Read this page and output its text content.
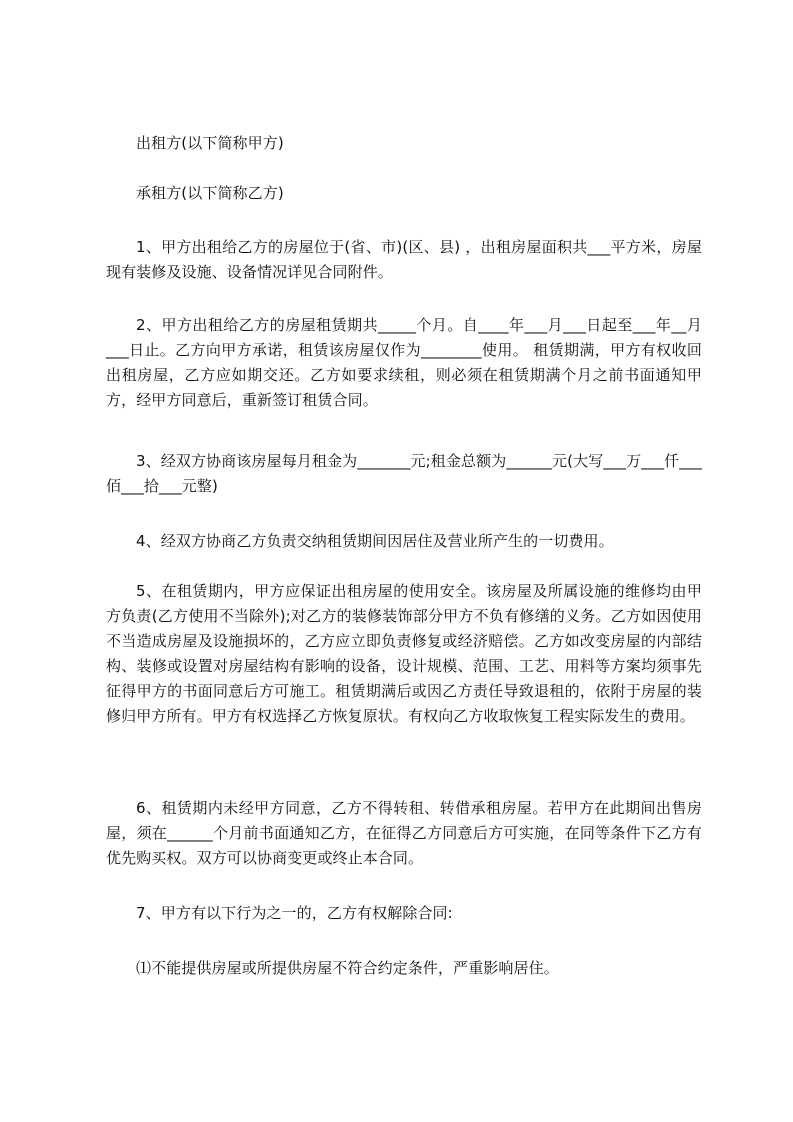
出租方(以下简称甲方)

承租方(以下简称乙方)

1、甲方出租给乙方的房屋位于(省、市)(区、县) ，出租房屋面积共___平方米，房屋现有装修及设施、设备情况详见合同附件。

2、甲方出租给乙方的房屋租赁期共_____个月。自____年___月___日起至___年__月___日止。乙方向甲方承诺，租赁该房屋仅作为________使用。 租赁期满，甲方有权收回出租房屋，乙方应如期交还。乙方如要求续租，则必须在租赁期满个月之前书面通知甲方，经甲方同意后，重新签订租赁合同。

3、经双方协商该房屋每月租金为_______元;租金总额为______元(大写___万___仟___佰___拾___元整)

4、经双方协商乙方负责交纳租赁期间因居住及营业所产生的一切费用。

5、在租赁期内，甲方应保证出租房屋的使用安全。该房屋及所属设施的维修均由甲方负责(乙方使用不当除外);对乙方的装修装饰部分甲方不负有修缮的义务。乙方如因使用不当造成房屋及设施损坏的，乙方应立即负责修复或经济赔偿。乙方如改变房屋的内部结构、装修或设置对房屋结构有影响的设备，设计规模、范围、工艺、用料等方案均须事先征得甲方的书面同意后方可施工。租赁期满后或因乙方责任导致退租的，依附于房屋的装修归甲方所有。甲方有权选择乙方恢复原状。有权向乙方收取恢复工程实际发生的费用。

6、租赁期内未经甲方同意，乙方不得转租、转借承租房屋。若甲方在此期间出售房屋，须在______个月前书面通知乙方，在征得乙方同意后方可实施，在同等条件下乙方有优先购买权。双方可以协商变更或终止本合同。

7、甲方有以下行为之一的，乙方有权解除合同:

⑴不能提供房屋或所提供房屋不符合约定条件，严重影响居住。
